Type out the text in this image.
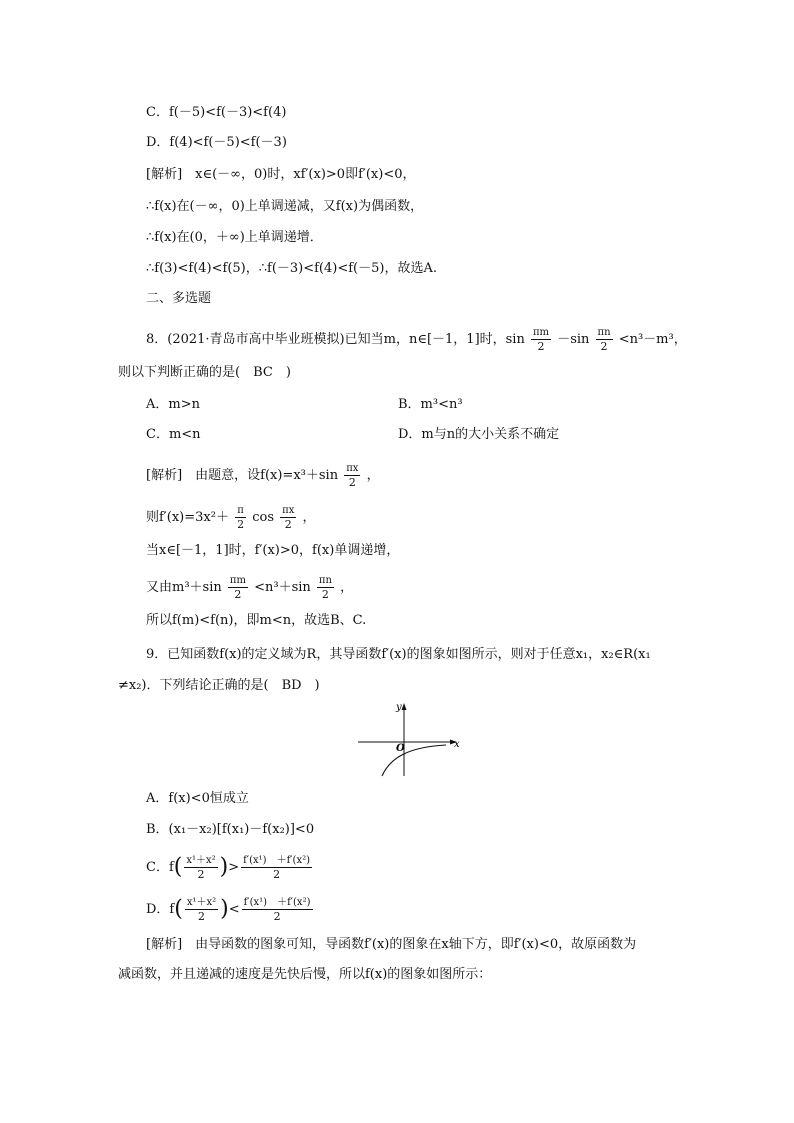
C．f(－5)<f(－3)<f(4)
D．f(4)<f(－5)<f(－3)
[解析]　x∈(－∞，0)时，xf′(x)>0即f′(x)<0，
∴f(x)在(－∞，0)上单调递减，又f(x)为偶函数，
∴f(x)在(0，＋∞)上单调递增．
∴f(3)<f(4)<f(5)，∴f(－3)<f(4)<f(－5)，故选A.
二、多选题
8．(2021·青岛市高中毕业班模拟)已知当m，n∈[－1，1]时，$\sin \frac{\pi m}{2} -\sin \frac{\pi n}{2} <n^3-m^3$，
则以下判断正确的是(　BC　)
A．m>n	B．m³<n³
C．m<n	D．m与n的大小关系不确定
[解析]　由题意，设$f(x)=x^3+\sin \frac{\pi x}{2}$ ，
则$f'(x)=3x^2+ \frac{\pi}{2}$ $\cos \frac{\pi x}{2}$ ，
当x∈[－1，1]时，f′(x)>0，f(x)单调递增，
又由$m^3+\sin \frac{\pi m}{2} <n^3+\sin \frac{\pi n}{2}$ ，
所以f(m)<f(n)，即m<n，故选B、C.
9．已知函数f(x)的定义域为R，其导函数f′(x)的图象如图所示，则对于任意x₁，x₂∈R(x₁
≠x₂)．下列结论正确的是(　BD　)
y
x
O
A．f(x)<0恒成立
B．(x₁－x₂)[f(x₁)－f(x₂)]<0
C．$f( \frac{\text{x¹＋x²}}{2}$ )> $\frac{\text{f′(x¹)　＋f′(x²)}}{2}$
D．$f( \frac{\text{x¹＋x²}}{2}$ )< $\frac{\text{f′(x¹)　＋f′(x²)}}{2}$
[解析]　由导函数的图象可知，导函数f′(x)的图象在x轴下方，即f′(x)<0，故原函数为
减函数，并且递减的速度是先快后慢，所以f(x)的图象如图所示：
